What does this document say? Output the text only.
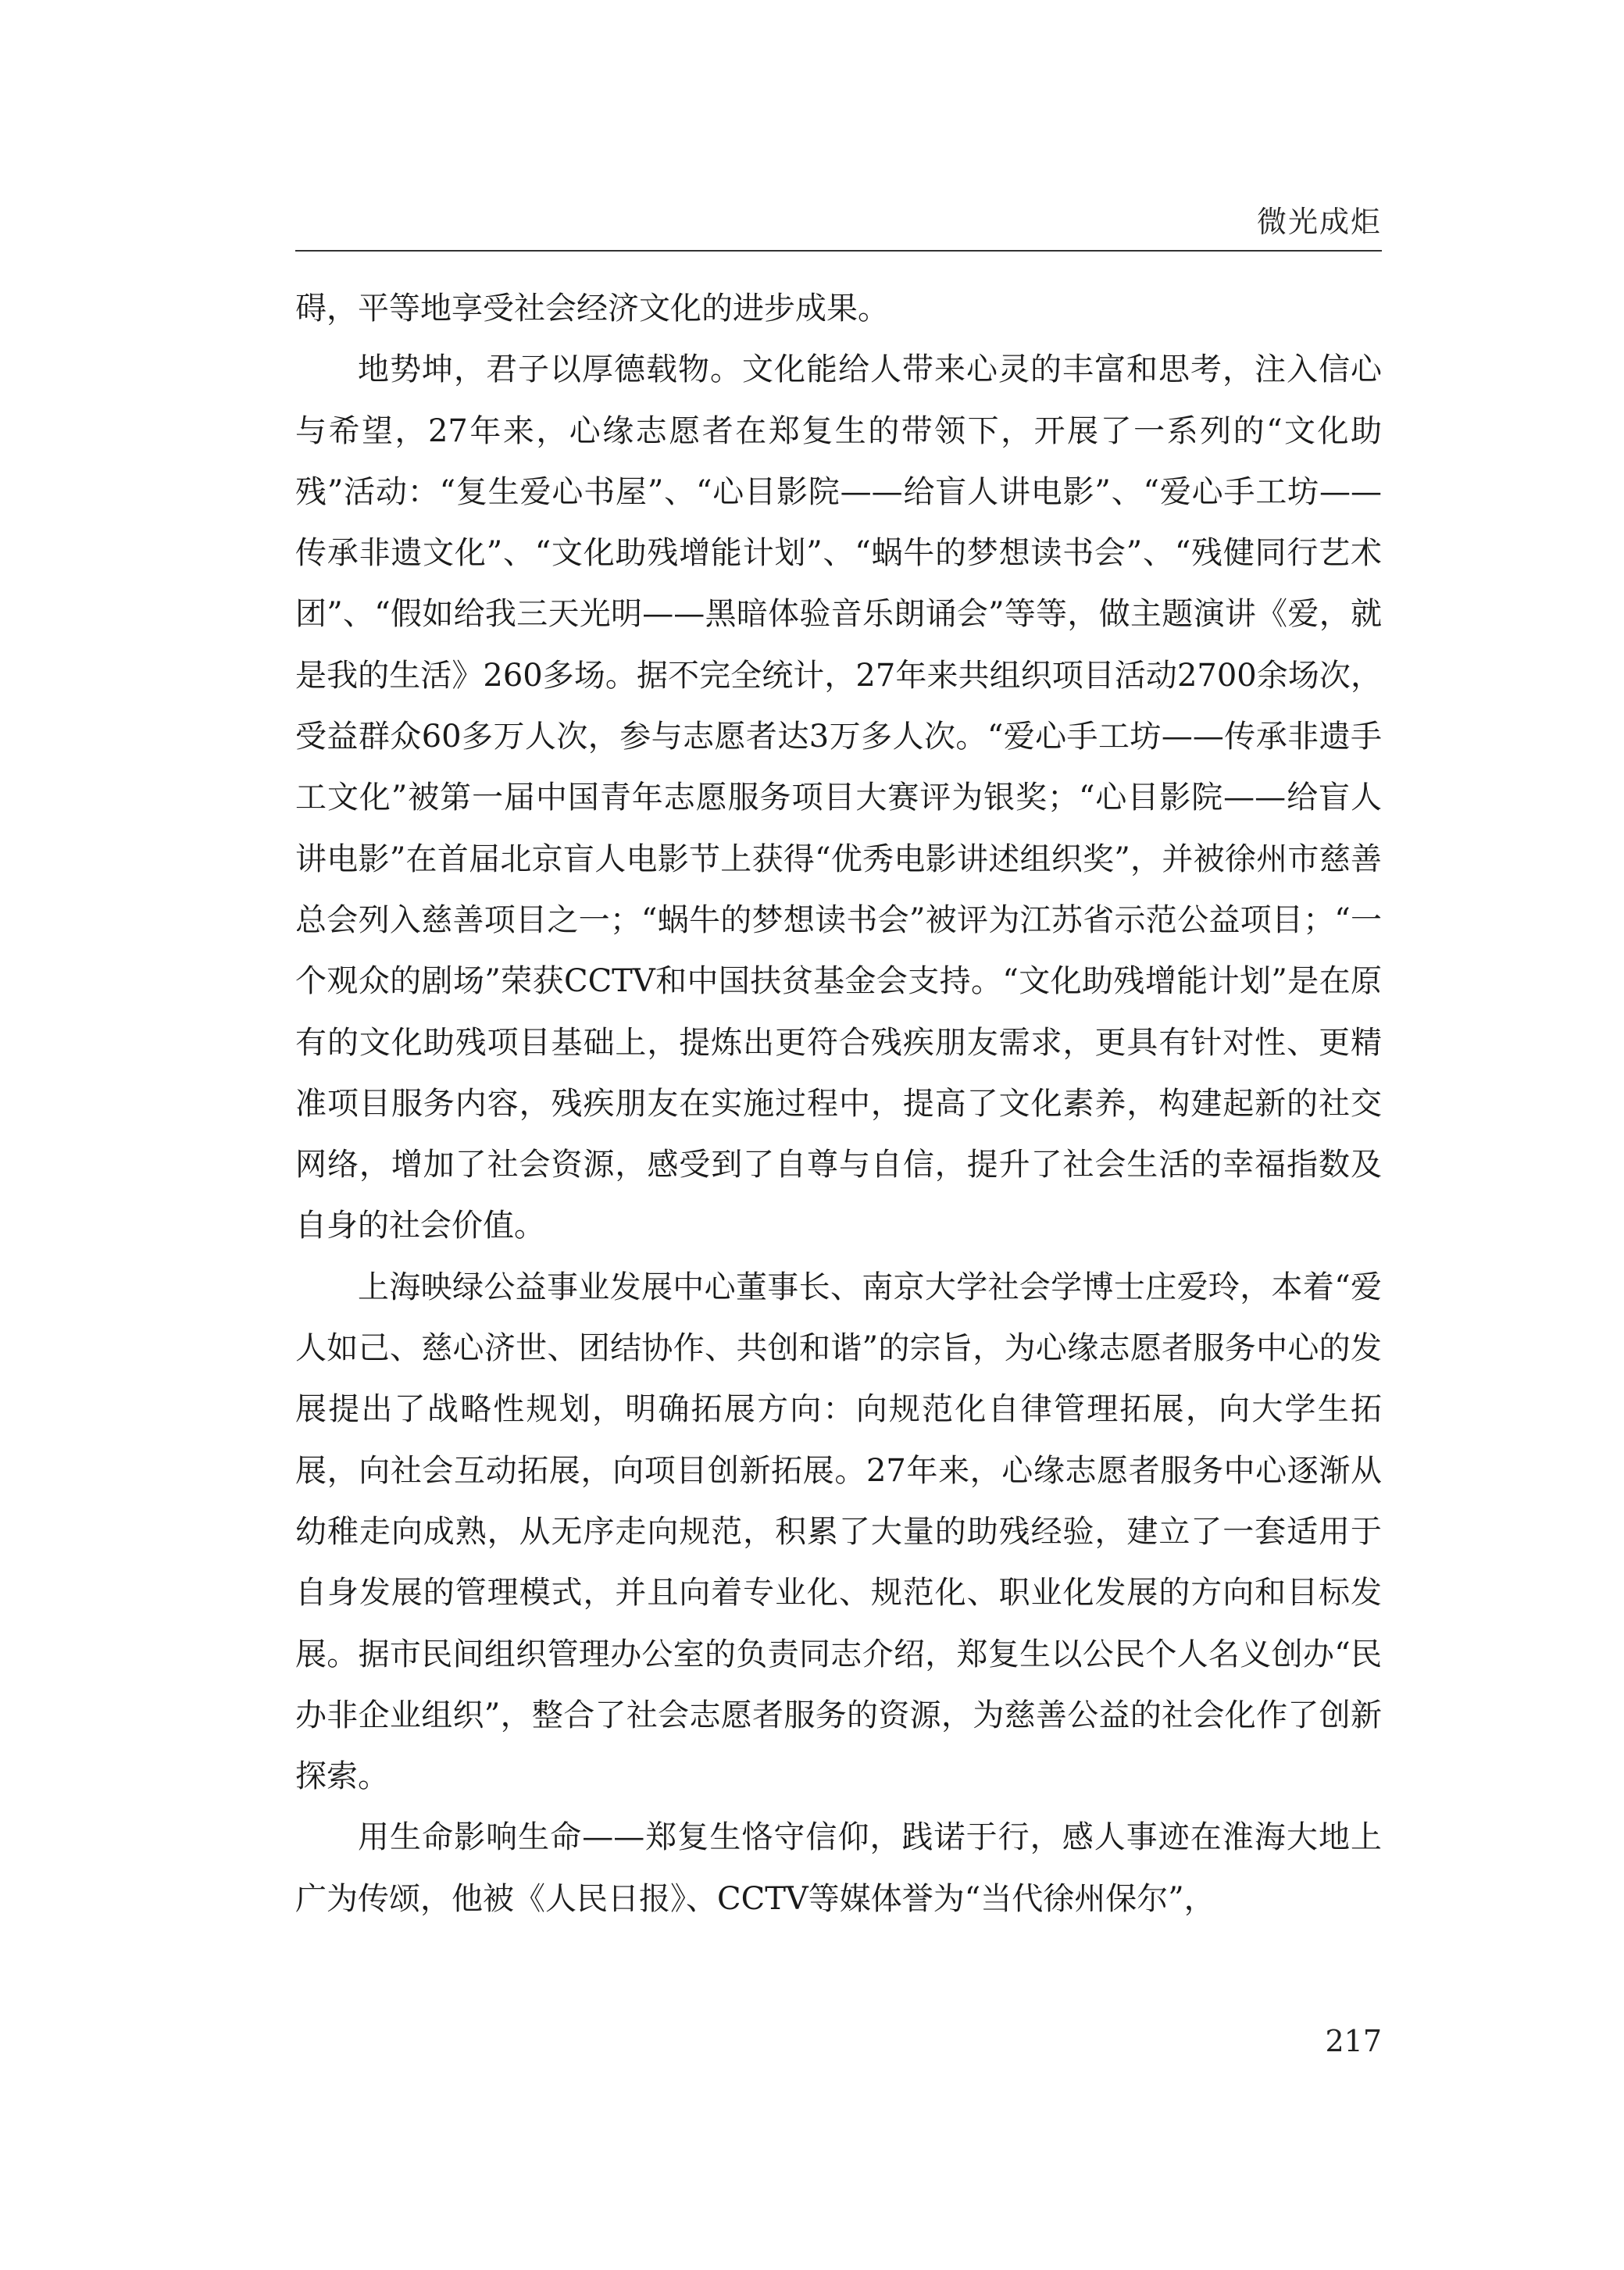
微光成炬

碍，平等地享受社会经济文化的进步成果。

地势坤，君子以厚德载物。文化能给人带来心灵的丰富和思考，注入信心与希望，27年来，心缘志愿者在郑复生的带领下，开展了一系列的“文化助残”活动：“复生爱心书屋”、“心目影院——给盲人讲电影”、“爱心手工坊——传承非遗文化”、“文化助残增能计划”、“蜗牛的梦想读书会”、“残健同行艺术团”、“假如给我三天光明——黑暗体验音乐朗诵会”等等，做主题演讲《爱，就是我的生活》260多场。据不完全统计，27年来共组织项目活动2700余场次，受益群众60多万人次，参与志愿者达3万多人次。“爱心手工坊——传承非遗手工文化”被第一届中国青年志愿服务项目大赛评为银奖；“心目影院——给盲人讲电影”在首届北京盲人电影节上获得“优秀电影讲述组织奖”，并被徐州市慈善总会列入慈善项目之一；“蜗牛的梦想读书会”被评为江苏省示范公益项目；“一个观众的剧场”荣获CCTV和中国扶贫基金会支持。“文化助残增能计划”是在原有的文化助残项目基础上，提炼出更符合残疾朋友需求，更具有针对性、更精准项目服务内容，残疾朋友在实施过程中，提高了文化素养，构建起新的社交网络，增加了社会资源，感受到了自尊与自信，提升了社会生活的幸福指数及自身的社会价值。

上海映绿公益事业发展中心董事长、南京大学社会学博士庄爱玲，本着“爱人如己、慈心济世、团结协作、共创和谐”的宗旨，为心缘志愿者服务中心的发展提出了战略性规划，明确拓展方向：向规范化自律管理拓展，向大学生拓展，向社会互动拓展，向项目创新拓展。27年来，心缘志愿者服务中心逐渐从幼稚走向成熟，从无序走向规范，积累了大量的助残经验，建立了一套适用于自身发展的管理模式，并且向着专业化、规范化、职业化发展的方向和目标发展。据市民间组织管理办公室的负责同志介绍，郑复生以公民个人名义创办“民办非企业组织”，整合了社会志愿者服务的资源，为慈善公益的社会化作了创新探索。

用生命影响生命——郑复生恪守信仰，践诺于行，感人事迹在淮海大地上广为传颂，他被《人民日报》、CCTV等媒体誉为“当代徐州保尔”，

217
